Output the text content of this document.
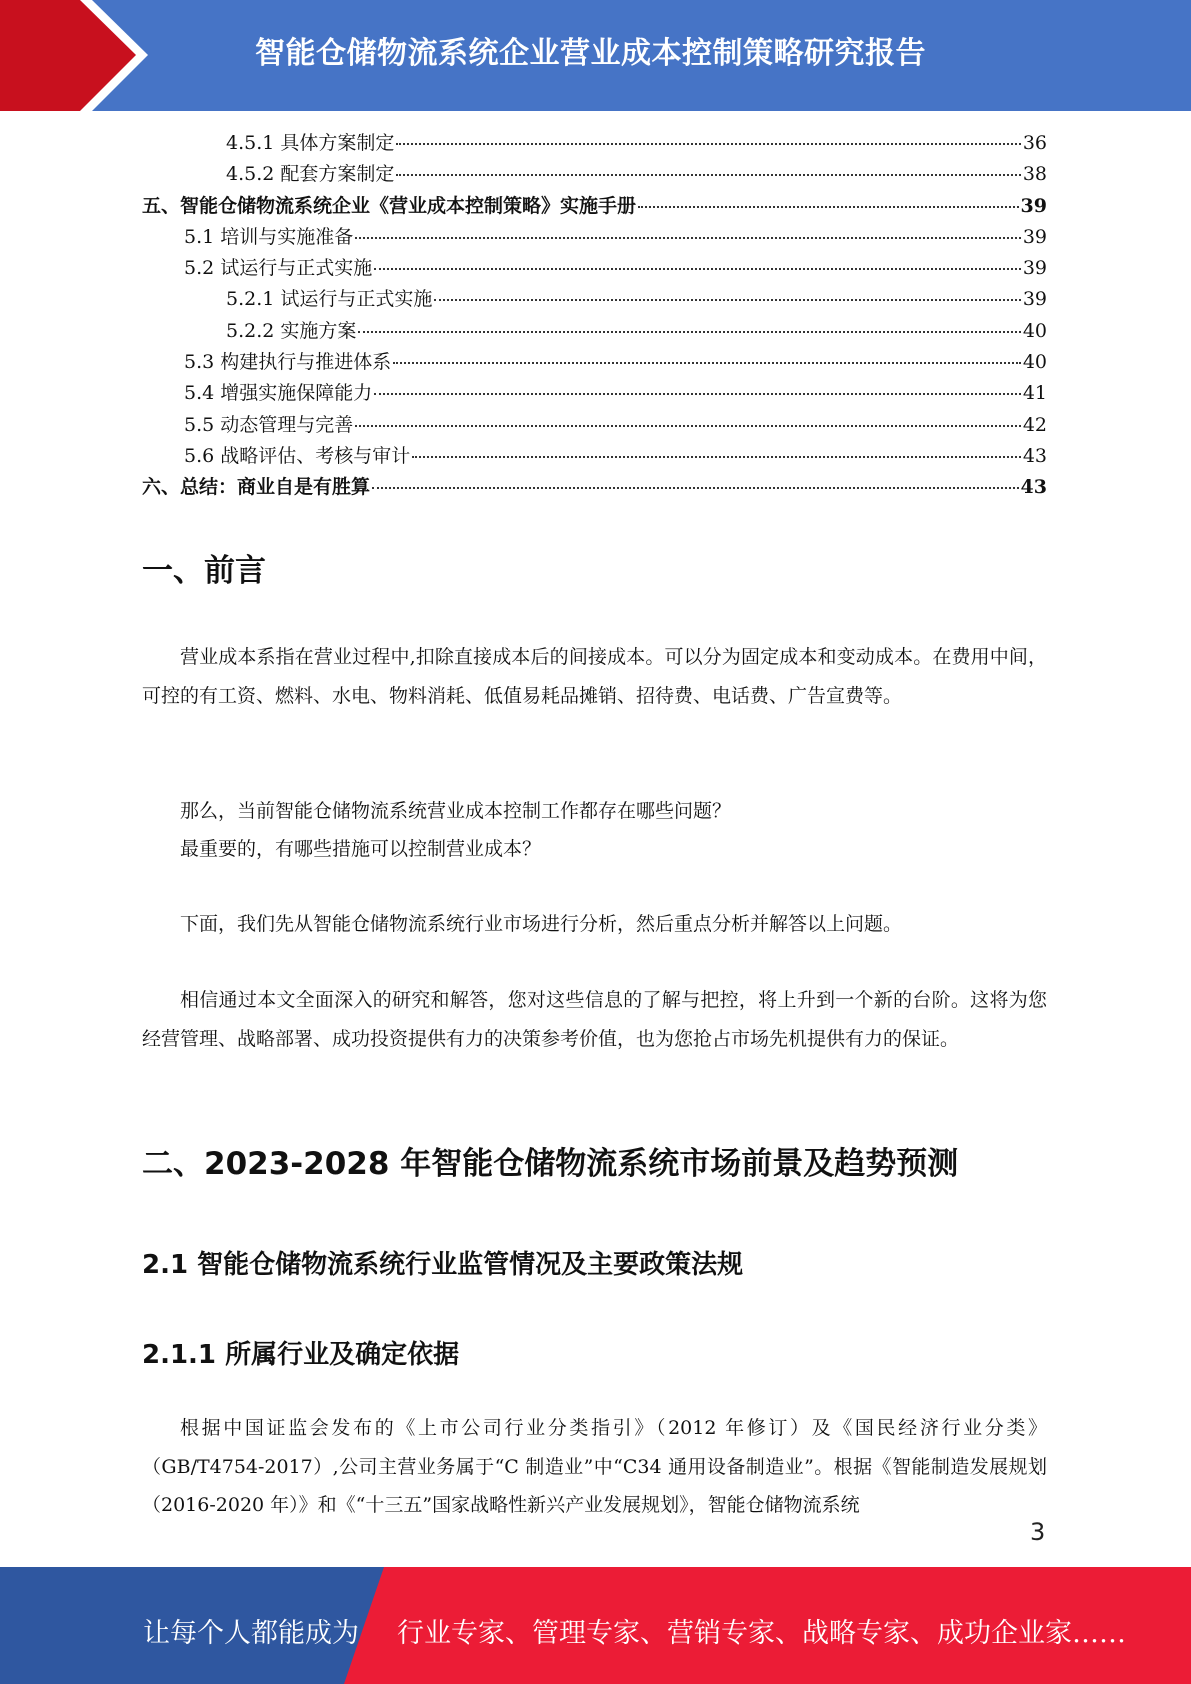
智能仓储物流系统企业营业成本控制策略研究报告
4.5.1 具体方案制定	36
4.5.2 配套方案制定	38
五、智能仓储物流系统企业《营业成本控制策略》实施手册	39
5.1 培训与实施准备	39
5.2 试运行与正式实施	39
5.2.1 试运行与正式实施	39
5.2.2 实施方案	40
5.3 构建执行与推进体系	40
5.4 增强实施保障能力	41
5.5 动态管理与完善	42
5.6 战略评估、考核与审计	43
六、总结：商业自是有胜算	43
一、前言

营业成本系指在营业过程中,扣除直接成本后的间接成本。可以分为固定成本和变动成本。在费用中间，可控的有工资、燃料、水电、物料消耗、低值易耗品摊销、招待费、电话费、广告宣费等。

那么，当前智能仓储物流系统营业成本控制工作都存在哪些问题？

最重要的，有哪些措施可以控制营业成本？

下面，我们先从智能仓储物流系统行业市场进行分析，然后重点分析并解答以上问题。

相信通过本文全面深入的研究和解答，您对这些信息的了解与把控，将上升到一个新的台阶。这将为您经营管理、战略部署、成功投资提供有力的决策参考价值，也为您抢占市场先机提供有力的保证。

二、2023-2028 年智能仓储物流系统市场前景及趋势预测
2.1 智能仓储物流系统行业监管情况及主要政策法规
2.1.1 所属行业及确定依据

根据中国证监会发布的《上市公司行业分类指引》（2012 年修订）及《国民经济行业分类》（GB/T4754-2017）,公司主营业务属于“C 制造业”中“C34 通用设备制造业”。根据《智能制造发展规划（2016-2020 年）》和《“十三五”国家战略性新兴产业发展规划》，智能仓储物流系统

3
让每个人都能成为 行业专家、管理专家、营销专家、战略专家、成功企业家……
